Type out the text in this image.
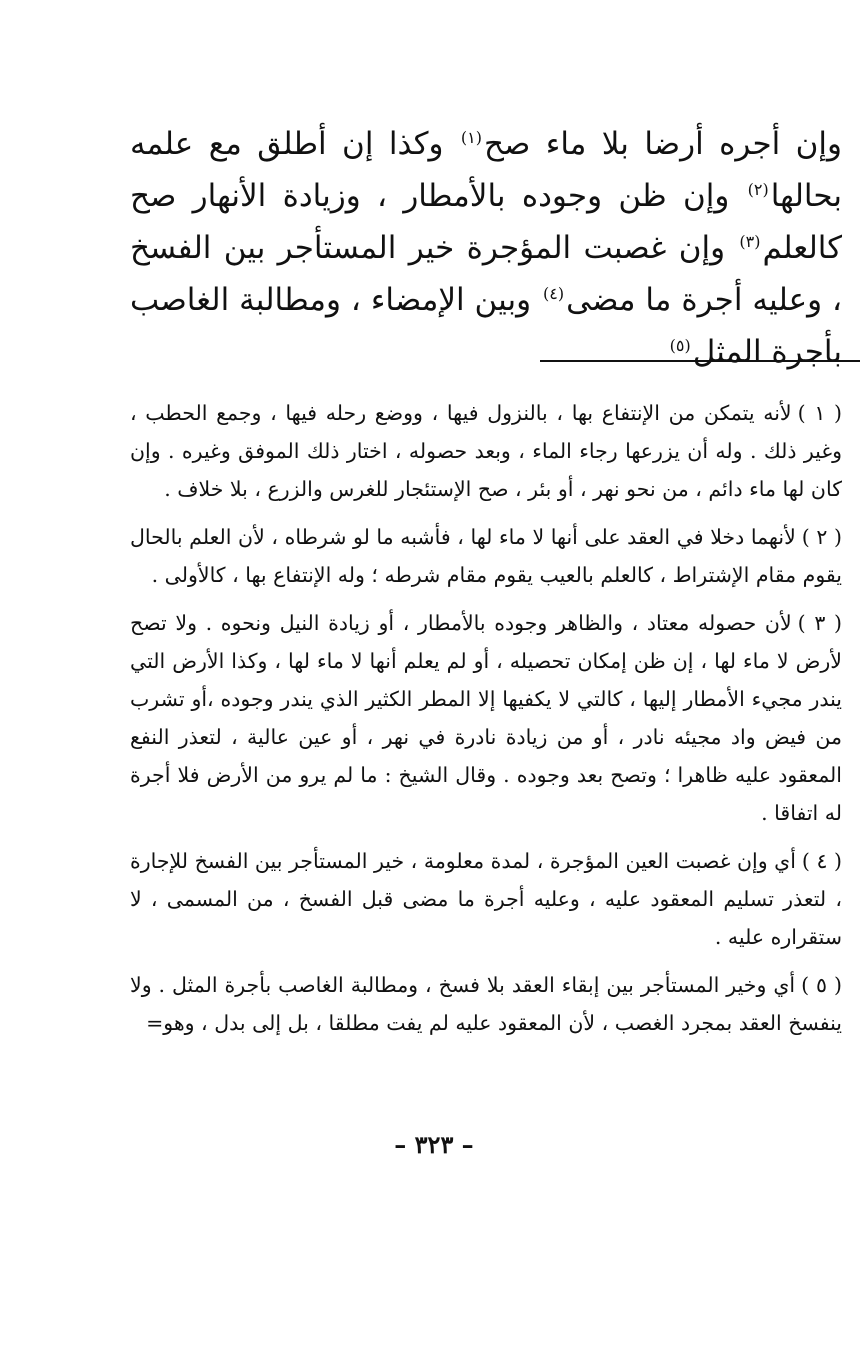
وإن أجره أرضا بلا ماء صح$^{(١)}$ وكذا إن أطلق مع علمه بحالها$^{(٢)}$ وإن ظن وجوده بالأمطار ، وزيادة الأنهار صح كالعلم$^{(٣)}$ وإن غصبت المؤجرة خير المستأجر بين الفسخ ، وعليه أجرة ما مضى$^{(٤)}$ وبين الإمضاء ، ومطالبة الغاصب بأجرة المثل$^{(٥)}$

( ١ )لأنه يتمكن من الإنتفاع بها ، بالنزول فيها ، ووضع رحله فيها ، وجمع الحطب ، وغير ذلك . وله أن يزرعها رجاء الماء ، وبعد حصوله ، اختار ذلك الموفق وغيره . وإن كان لها ماء دائم ، من نحو نهر ، أو بئر ، صح الإستئجار للغرس والزرع ، بلا خلاف .

( ٢ )لأنهما دخلا في العقد على أنها لا ماء لها ، فأشبه ما لو شرطاه ، لأن العلم بالحال يقوم مقام الإشتراط ، كالعلم بالعيب يقوم مقام شرطه ؛ وله الإنتفاع بها ، كالأولى .

( ٣ )لأن حصوله معتاد ، والظاهر وجوده بالأمطار ، أو زيادة النيل ونحوه . ولا تصح لأرض لا ماء لها ، إن ظن إمكان تحصيله ، أو لم يعلم أنها لا ماء لها ، وكذا الأرض التي يندر مجيء الأمطار إليها ، كالتي لا يكفيها إلا المطر الكثير الذي يندر وجوده ،أو تشرب من فيض واد مجيئه نادر ، أو من زيادة نادرة في نهر ، أو عين عالية ، لتعذر النفع المعقود عليه ظاهرا ؛ وتصح بعد وجوده . وقال الشيخ : ما لم يرو من الأرض فلا أجرة له اتفاقا .

( ٤ )أي وإن غصبت العين المؤجرة ، لمدة معلومة ، خير المستأجر بين الفسخ للإجارة ، لتعذر تسليم المعقود عليه ، وعليه أجرة ما مضى قبل الفسخ ، من المسمى ، لا ستقراره عليه .

( ٥ )أي وخير المستأجر بين إبقاء العقد بلا فسخ ، ومطالبة الغاصب بأجرة المثل . ولا ينفسخ العقد بمجرد الغصب ، لأن المعقود عليه لم يفت مطلقا ، بل إلى بدل ، وهو=

– ٣٢٣ –
